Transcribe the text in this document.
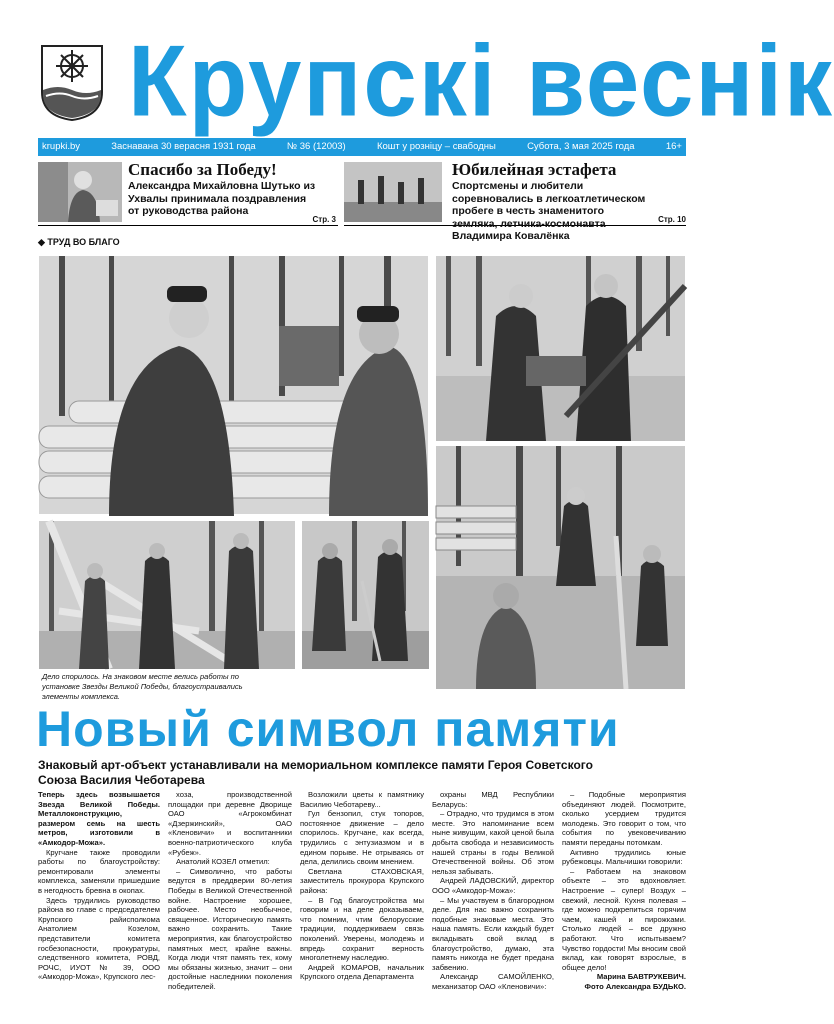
Крупскі веснік
krupki.by	Заснавана 30 верасня 1931 года	№ 36 (12003)	Кошт у розніцу – свабодны	Субота, 3 мая 2025 года	16+
Спасибо за Победу!

Александра Михайловна Шутько из Ухвалы принимала поздравления от руководства района

Стр. 3
Юбилейная эстафета

Спортсмены и любители соревновались в легкоатлетическом пробеге в честь знаменитого земляка, летчика-космонавта Владимира Ковалёнка

Стр. 10
◆ ТРУД ВО БЛАГО
Дело спорилось. На знаковом месте велись работы по установке Звезды Великой Победы, благоустраивались элементы комплекса.
Новый символ памяти
Знаковый арт-объект устанавливали на мемориальном комплексе памяти Героя Советского Союза Василия Чеботарева

Теперь здесь возвышается Звезда Великой Победы. Металлоконструкцию, размером семь на шесть метров, изготовили в «Амкодор-Можа».

Кругчане также проводили работы по благоустройству: ремонтировали элементы комплекса, заменяли пришедшие в негодность бревна в окопах.

Здесь трудились руководство района во главе с председателем Крупского райисполкома Анатолием Козелом, представители комитета госбезопасности, прокуратуры, следственного комитета, РОВД, РОЧС, ИУОТ № 39, ООО «Амкодор-Можа», Крупского лес-

хоза, производственной площадки при деревне Дворище ОАО «Агрокомбинат «Дзержинский», ОАО «Кленовичи» и воспитанники военно-патриотического клуба «Рубеж».

Анатолий КОЗЕЛ отметил:

– Символично, что работы ведутся в преддверии 80-летия Победы в Великой Отечественной войне. Настроение хорошее, рабочее. Место необычное, священное. Историческую память важно сохранить. Такие мероприятия, как благоустройство памятных мест, крайне важны. Когда люди чтят память тех, кому мы обязаны жизнью, значит – они достойные наследники поколения победителей.

Возложили цветы к памятнику Василию Чеботареву...

Гул бензопил, стук топоров, постоянное движение – дело спорилось. Кругчане, как всегда, трудились с энтузиазмом и в едином порыве. Не отрываясь от дела, делились своим мнением.

Светлана СТАХОВСКАЯ, заместитель прокурора Крупского района:

– В Год благоустройства мы говорим и на деле доказываем, что помним, чтим белорусские традиции, поддерживаем связь поколений. Уверены, молодежь и впредь сохранит верность многолетнему наследию.

Андрей КОМАРОВ, начальник Крупского отдела Департамента

охраны МВД Республики Беларусь:

– Отрадно, что трудимся в этом месте. Это напоминание всем ныне живущим, какой ценой была добыта свобода и независимость нашей страны в годы Великой Отечественной войны. Об этом нельзя забывать.

Андрей ЛАДОВСКИЙ, директор ООО «Амкодор-Можа»:

– Мы участвуем в благородном деле. Для нас важно сохранить подобные знаковые места. Это наша память. Если каждый будет вкладывать свой вклад в благоустройство, думаю, эта память никогда не будет предана забвению.

Александр САМОЙЛЕНКО, механизатор ОАО «Кленовичи»:

– Подобные мероприятия объединяют людей. Посмотрите, сколько усердием трудится молодежь. Это говорит о том, что события по увековечиванию памяти переданы потомкам.

Активно трудились юные рубежовцы. Мальчишки говорили:

– Работаем на знаковом объекте – это вдохновляет. Настроение – супер! Воздух – свежий, лесной. Кухня полевая – где можно подкрепиться горячим чаем, кашей и пирожками. Столько людей – все дружно работают. Что испытываем? Чувство гордости! Мы вносим свой вклад, как говорят взрослые, в общее дело!

Марина БАВТРУКЕВИЧ.

Фото Александра БУДЬКО.
